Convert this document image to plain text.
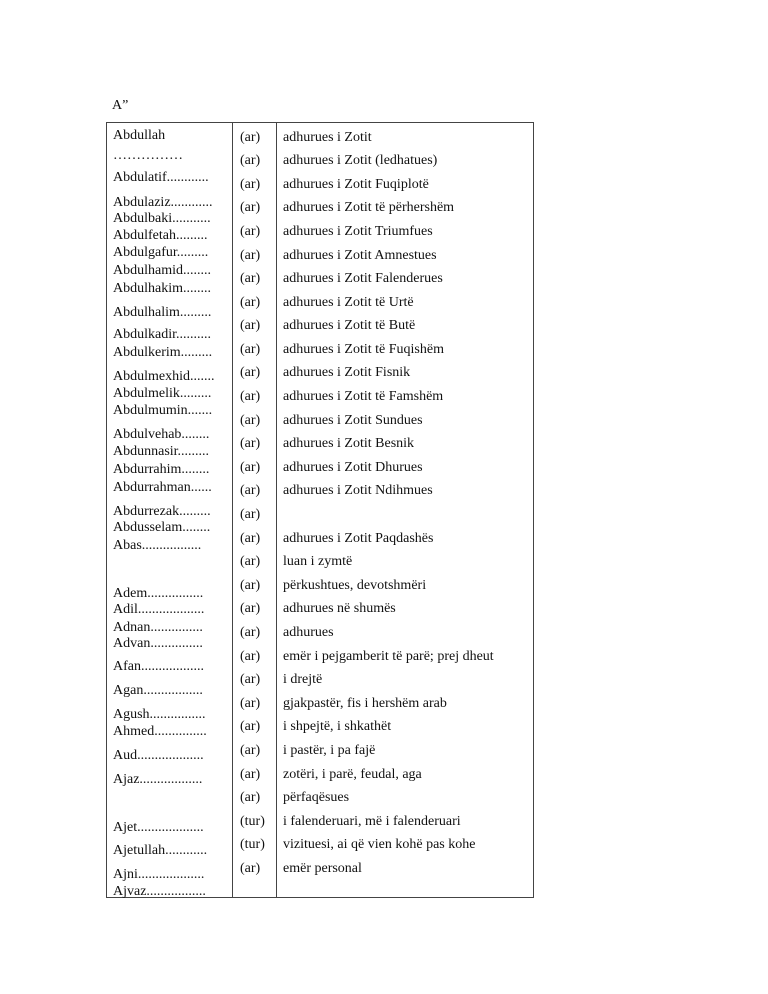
A”
Abdullah
……………
Abdulatif............
Abdulaziz............
Abdulbaki...........
Abdulfetah.........
Abdulgafur.........
Abdulhamid........
Abdulhakim........
Abdulhalim.........
Abdulkadir..........
Abdulkerim.........
Abdulmexhid.......
Abdulmelik.........
Abdulmumin.......
Abdulvehab........
Abdunnasir.........
Abdurrahim........
Abdurrahman......
Abdurrezak.........
Abdusselam........
Abas.................
Adem................
Adil...................
Adnan...............
Advan...............
Afan..................
Agan.................
Agush................
Ahmed...............
Aud...................
Ajaz..................
Ajet...................
Ajetullah............
Ajni...................
Ajvaz.................
(ar)
(ar)
(ar)
(ar)
(ar)
(ar)
(ar)
(ar)
(ar)
(ar)
(ar)
(ar)
(ar)
(ar)
(ar)
(ar)
(ar)
(ar)
(ar)
(ar)
(ar)
(ar)
(ar)
(ar)
(ar)
(ar)
(ar)
(ar)
(ar)
(tur)
(tur)
(ar)
adhurues i Zotit
adhurues i Zotit (ledhatues)
adhurues i Zotit Fuqiplotë
adhurues i Zotit të përhershëm
adhurues i Zotit Triumfues
adhurues i Zotit Amnestues
adhurues i Zotit Falenderues
adhurues i Zotit të Urtë
adhurues i Zotit të Butë
adhurues i Zotit të Fuqishëm
adhurues i Zotit Fisnik
adhurues i Zotit të Famshëm
adhurues i Zotit Sundues
adhurues i Zotit Besnik
adhurues i Zotit Dhurues
adhurues i Zotit Ndihmues
adhurues i Zotit Paqdashës
luan i zymtë
përkushtues, devotshmëri
adhurues në shumës
adhurues
emër i pejgamberit të parë; prej dheut
i drejtë
gjakpastër, fis i hershëm arab
i shpejtë, i shkathët
i pastër, i pa fajë
zotëri, i parë, feudal, aga
përfaqësues
i falenderuari, më i falenderuari
vizituesi, ai që vien kohë pas kohe
emër personal
